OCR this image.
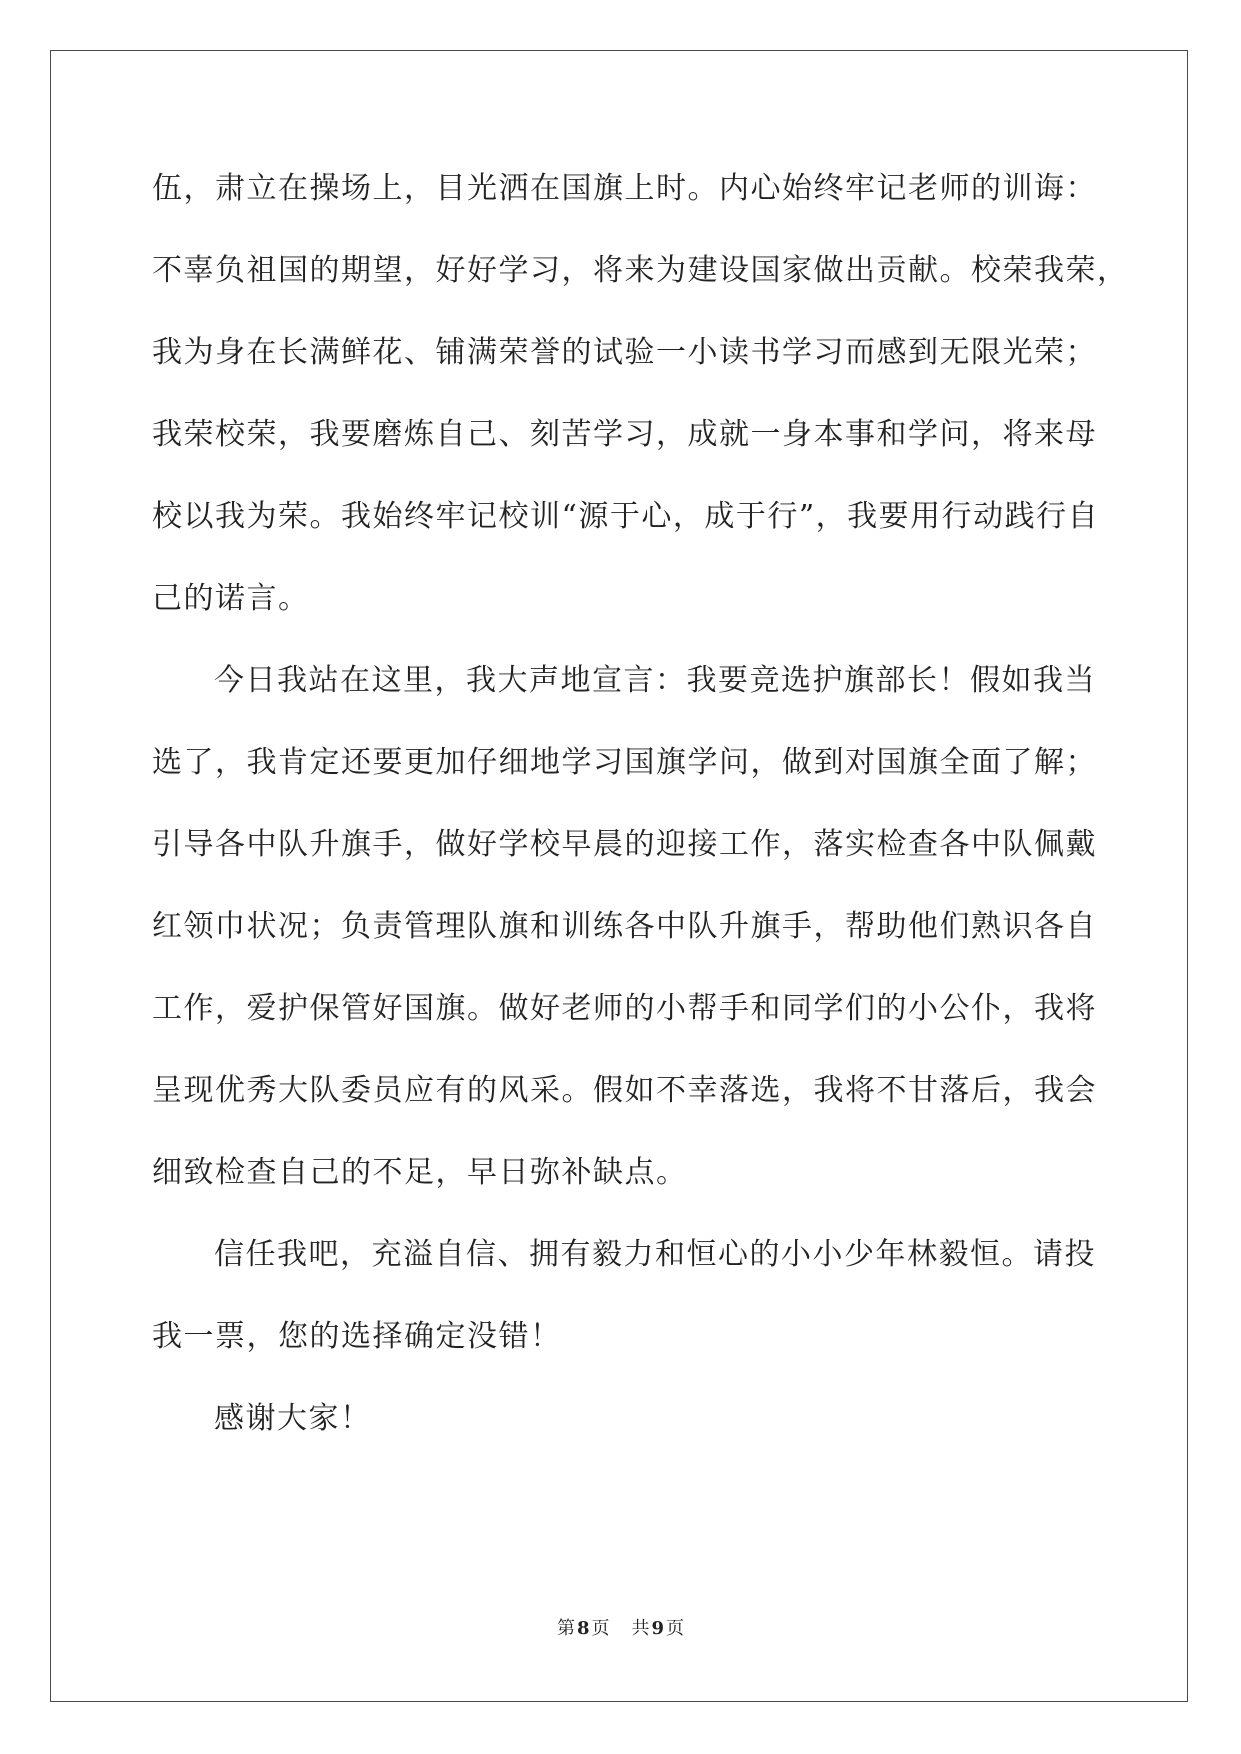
伍，肃立在操场上，目光洒在国旗上时。内心始终牢记老师的训诲：
不辜负祖国的期望，好好学习，将来为建设国家做出贡献。校荣我荣，
我为身在长满鲜花、铺满荣誉的试验一小读书学习而感到无限光荣；
我荣校荣，我要磨炼自己、刻苦学习，成就一身本事和学问，将来母
校以我为荣。我始终牢记校训“源于心，成于行”，我要用行动践行自
己的诺言。
今日我站在这里，我大声地宣言：我要竞选护旗部长！假如我当
选了，我肯定还要更加仔细地学习国旗学问，做到对国旗全面了解；
引导各中队升旗手，做好学校早晨的迎接工作，落实检查各中队佩戴
红领巾状况；负责管理队旗和训练各中队升旗手，帮助他们熟识各自
工作，爱护保管好国旗。做好老师的小帮手和同学们的小公仆，我将
呈现优秀大队委员应有的风采。假如不幸落选，我将不甘落后，我会
细致检查自己的不足，早日弥补缺点。
信任我吧，充溢自信、拥有毅力和恒心的小小少年林毅恒。请投
我一票，您的选择确定没错！
感谢大家！
第 8 页 共 9 页
